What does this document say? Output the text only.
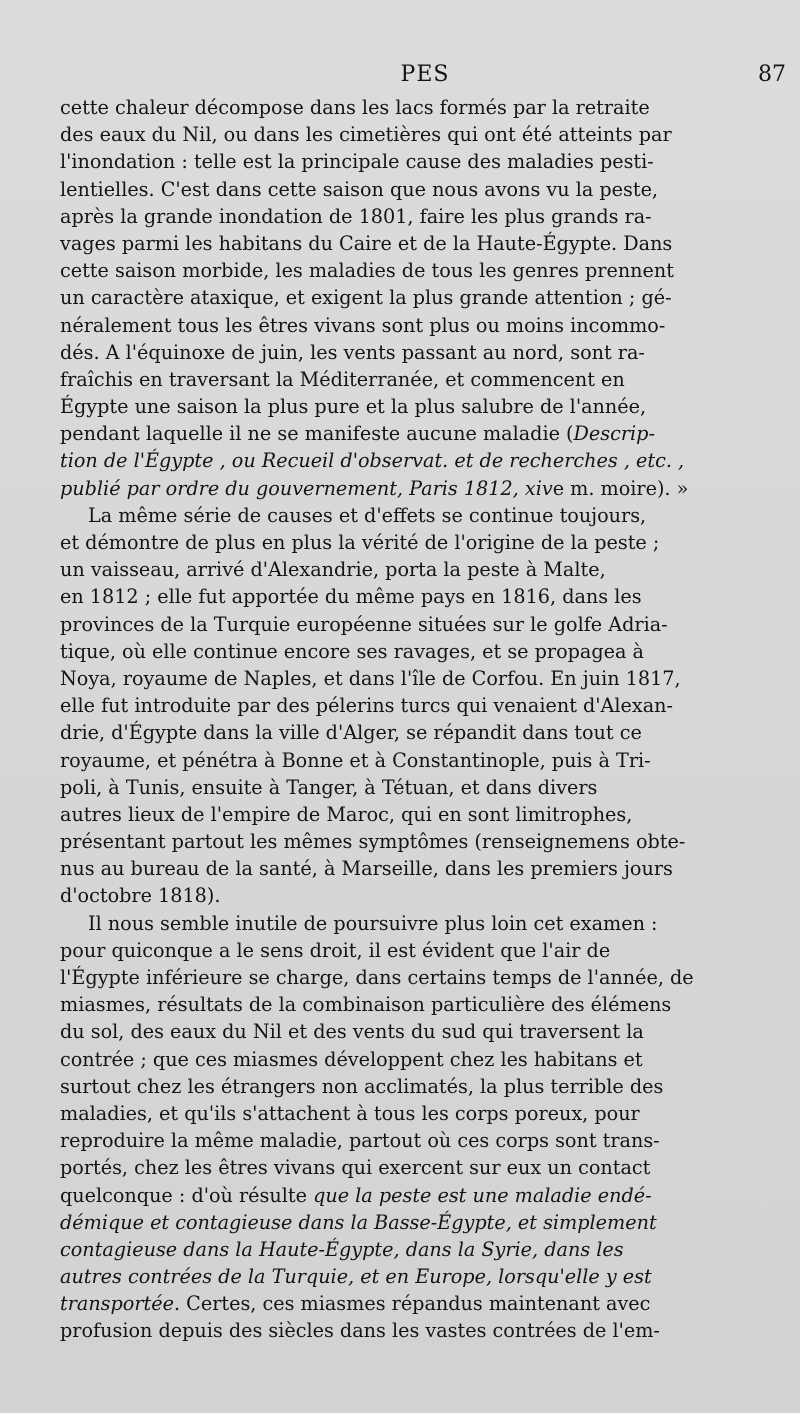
PES	87
cette chaleur décompose dans les lacs formés par la retraite
des eaux du Nil, ou dans les cimetières qui ont été atteints par
l'inondation : telle est la principale cause des maladies pesti-
lentielles. C'est dans cette saison que nous avons vu la peste,
après la grande inondation de 1801, faire les plus grands ra-
vages parmi les habitans du Caire et de la Haute-Égypte. Dans
cette saison morbide, les maladies de tous les genres prennent
un caractère ataxique, et exigent la plus grande attention ; gé-
néralement tous les êtres vivans sont plus ou moins incommo-
dés. A l'équinoxe de juin, les vents passant au nord, sont ra-
fraîchis en traversant la Méditerranée, et commencent en
Égypte une saison la plus pure et la plus salubre de l'année,
pendant laquelle il ne se manifeste aucune maladie (Descrip-
tion de l'Égypte , ou Recueil d'observat. et de recherches , etc. ,
publié par ordre du gouvernement, Paris 1812, xive m. moire). »
La même série de causes et d'effets se continue toujours,
et démontre de plus en plus la vérité de l'origine de la peste ;
un vaisseau, arrivé d'Alexandrie, porta la peste à Malte,
en 1812 ; elle fut apportée du même pays en 1816, dans les
provinces de la Turquie européenne situées sur le golfe Adria-
tique, où elle continue encore ses ravages, et se propagea à
Noya, royaume de Naples, et dans l'île de Corfou. En juin 1817,
elle fut introduite par des pélerins turcs qui venaient d'Alexan-
drie, d'Égypte dans la ville d'Alger, se répandit dans tout ce
royaume, et pénétra à Bonne et à Constantinople, puis à Tri-
poli, à Tunis, ensuite à Tanger, à Tétuan, et dans divers
autres lieux de l'empire de Maroc, qui en sont limitrophes,
présentant partout les mêmes symptômes (renseignemens obte-
nus au bureau de la santé, à Marseille, dans les premiers jours
d'octobre 1818).
Il nous semble inutile de poursuivre plus loin cet examen :
pour quiconque a le sens droit, il est évident que l'air de
l'Égypte inférieure se charge, dans certains temps de l'année, de
miasmes, résultats de la combinaison particulière des élémens
du sol, des eaux du Nil et des vents du sud qui traversent la
contrée ; que ces miasmes développent chez les habitans et
surtout chez les étrangers non acclimatés, la plus terrible des
maladies, et qu'ils s'attachent à tous les corps poreux, pour
reproduire la même maladie, partout où ces corps sont trans-
portés, chez les êtres vivans qui exercent sur eux un contact
quelconque : d'où résulte que la peste est une maladie endé-
démique et contagieuse dans la Basse-Égypte, et simplement
contagieuse dans la Haute-Égypte, dans la Syrie, dans les
autres contrées de la Turquie, et en Europe, lorsqu'elle y est
transportée. Certes, ces miasmes répandus maintenant avec
profusion depuis des siècles dans les vastes contrées de l'em-
